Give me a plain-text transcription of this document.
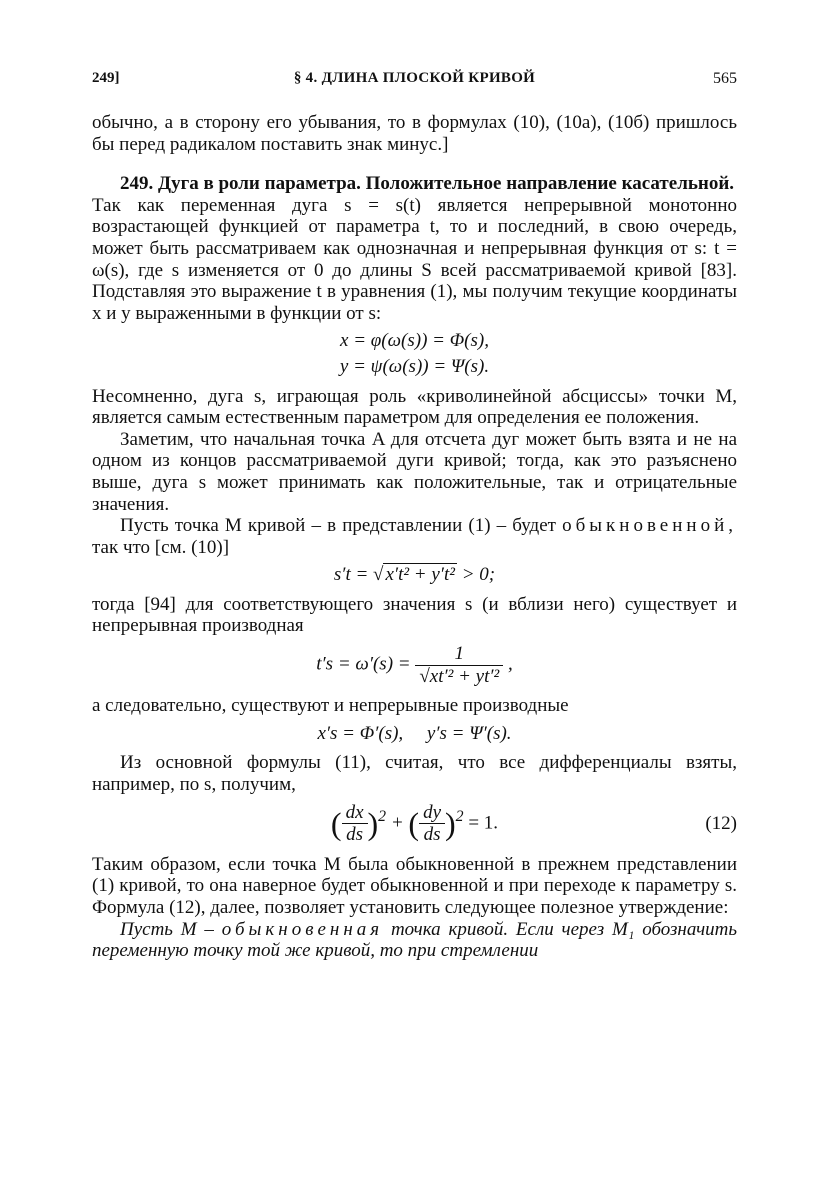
249]	§ 4. ДЛИНА ПЛОСКОЙ КРИВОЙ	565

обычно, а в сторону его убывания, то в формулах (10), (10а), (10б) пришлось бы перед радикалом поставить знак минус.]

249. Дуга в роли параметра. Положительное направление касательной.

Так как переменная дуга s = s(t) является непрерывной монотонно возрастающей функцией от параметра t, то и последний, в свою очередь, может быть рассматриваем как однозначная и непрерывная функция от s: t = ω(s), где s изменяется от 0 до длины S всей рассматриваемой кривой [83]. Подставляя это выражение t в уравнения (1), мы получим текущие координаты x и y выраженными в функции от s:

x = φ(ω(s)) = Φ(s),
y = ψ(ω(s)) = Ψ(s).

Несомненно, дуга s, играющая роль «криволинейной абсциссы» точки M, является самым естественным параметром для определения ее положения.

Заметим, что начальная точка A для отсчета дуг может быть взята и не на одном из концов рассматриваемой дуги кривой; тогда, как это разъяснено выше, дуга s может принимать как положительные, так и отрицательные значения.

Пусть точка M кривой – в представлении (1) – будет обыкновенной, так что [см. (10)]

s′t = √ x′t² + y′t² > 0;

тогда [94] для соответствующего значения s (и вблизи него) существует и непрерывная производная

$t's = \omega'(s) = \frac{1}{\text{√xt′² + yt′²}}$ ,

а следовательно, существуют и непрерывные производные

x′s = Φ′(s),     y′s = Ψ′(s).

Из основной формулы (11), считая, что все дифференциалы взяты, например, по s, получим,

( $\frac{dx}{ds} )^2$ + ( $\frac{dy}{ds} )^2 = 1$.	(12)

Таким образом, если точка M была обыкновенной в прежнем представлении (1) кривой, то она наверное будет обыкновенной и при переходе к параметру s. Формула (12), далее, позволяет установить следующее полезное утверждение:

Пусть M – обыкновенная точка кривой. Если через M₁ обозначить переменную точку той же кривой, то при стремлении
